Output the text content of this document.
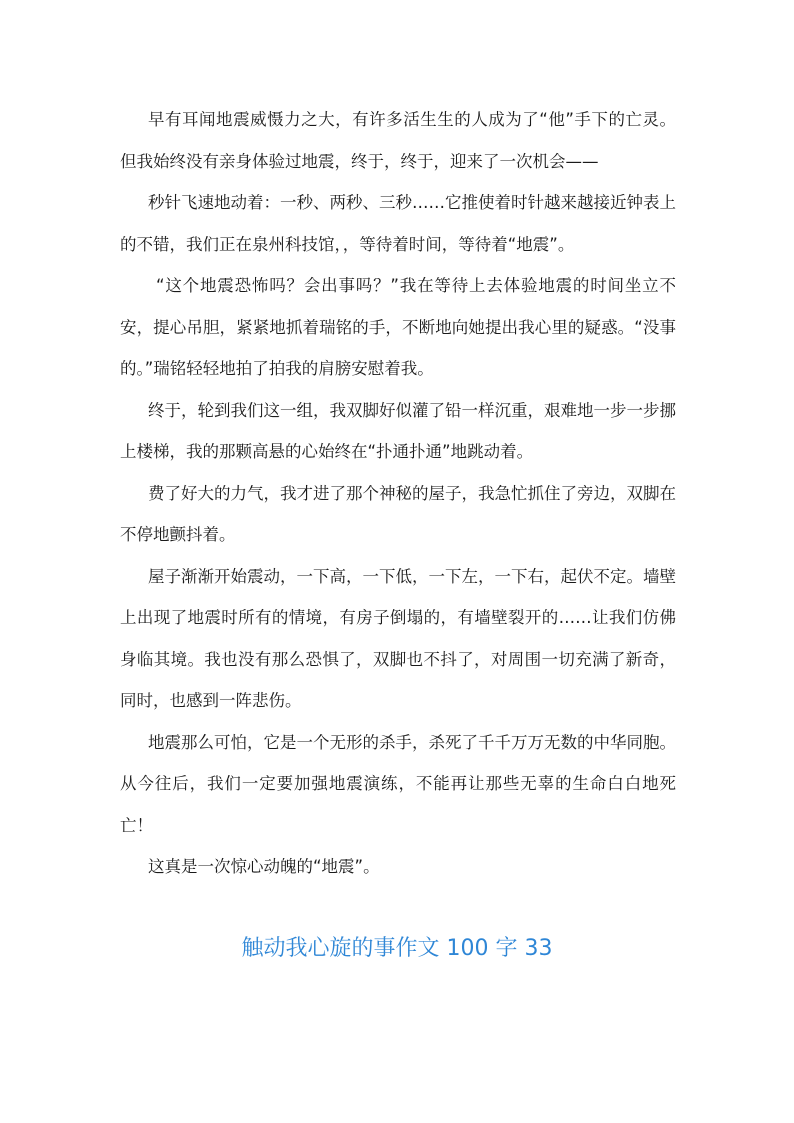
早有耳闻地震威慑力之大，有许多活生生的人成为了“他”手下的亡灵。但我始终没有亲身体验过地震，终于，终于，迎来了一次机会——

秒针飞速地动着：一秒、两秒、三秒……它推使着时针越来越接近钟表上的不错，我们正在泉州科技馆，，等待着时间，等待着“地震”。

“这个地震恐怖吗？会出事吗？”我在等待上去体验地震的时间坐立不安，提心吊胆，紧紧地抓着瑞铭的手，不断地向她提出我心里的疑惑。“没事的。”瑞铭轻轻地拍了拍我的肩膀安慰着我。

终于，轮到我们这一组，我双脚好似灌了铅一样沉重，艰难地一步一步挪上楼梯，我的那颗高悬的心始终在“扑通扑通”地跳动着。

费了好大的力气，我才进了那个神秘的屋子，我急忙抓住了旁边，双脚在不停地颤抖着。

屋子渐渐开始震动，一下高，一下低，一下左，一下右，起伏不定。墙壁上出现了地震时所有的情境，有房子倒塌的，有墙壁裂开的……让我们仿佛身临其境。我也没有那么恐惧了，双脚也不抖了，对周围一切充满了新奇，同时，也感到一阵悲伤。

地震那么可怕，它是一个无形的杀手，杀死了千千万万无数的中华同胞。从今往后，我们一定要加强地震演练，不能再让那些无辜的生命白白地死亡！

这真是一次惊心动魄的“地震”。

触动我心旋的事作文 100 字 33
